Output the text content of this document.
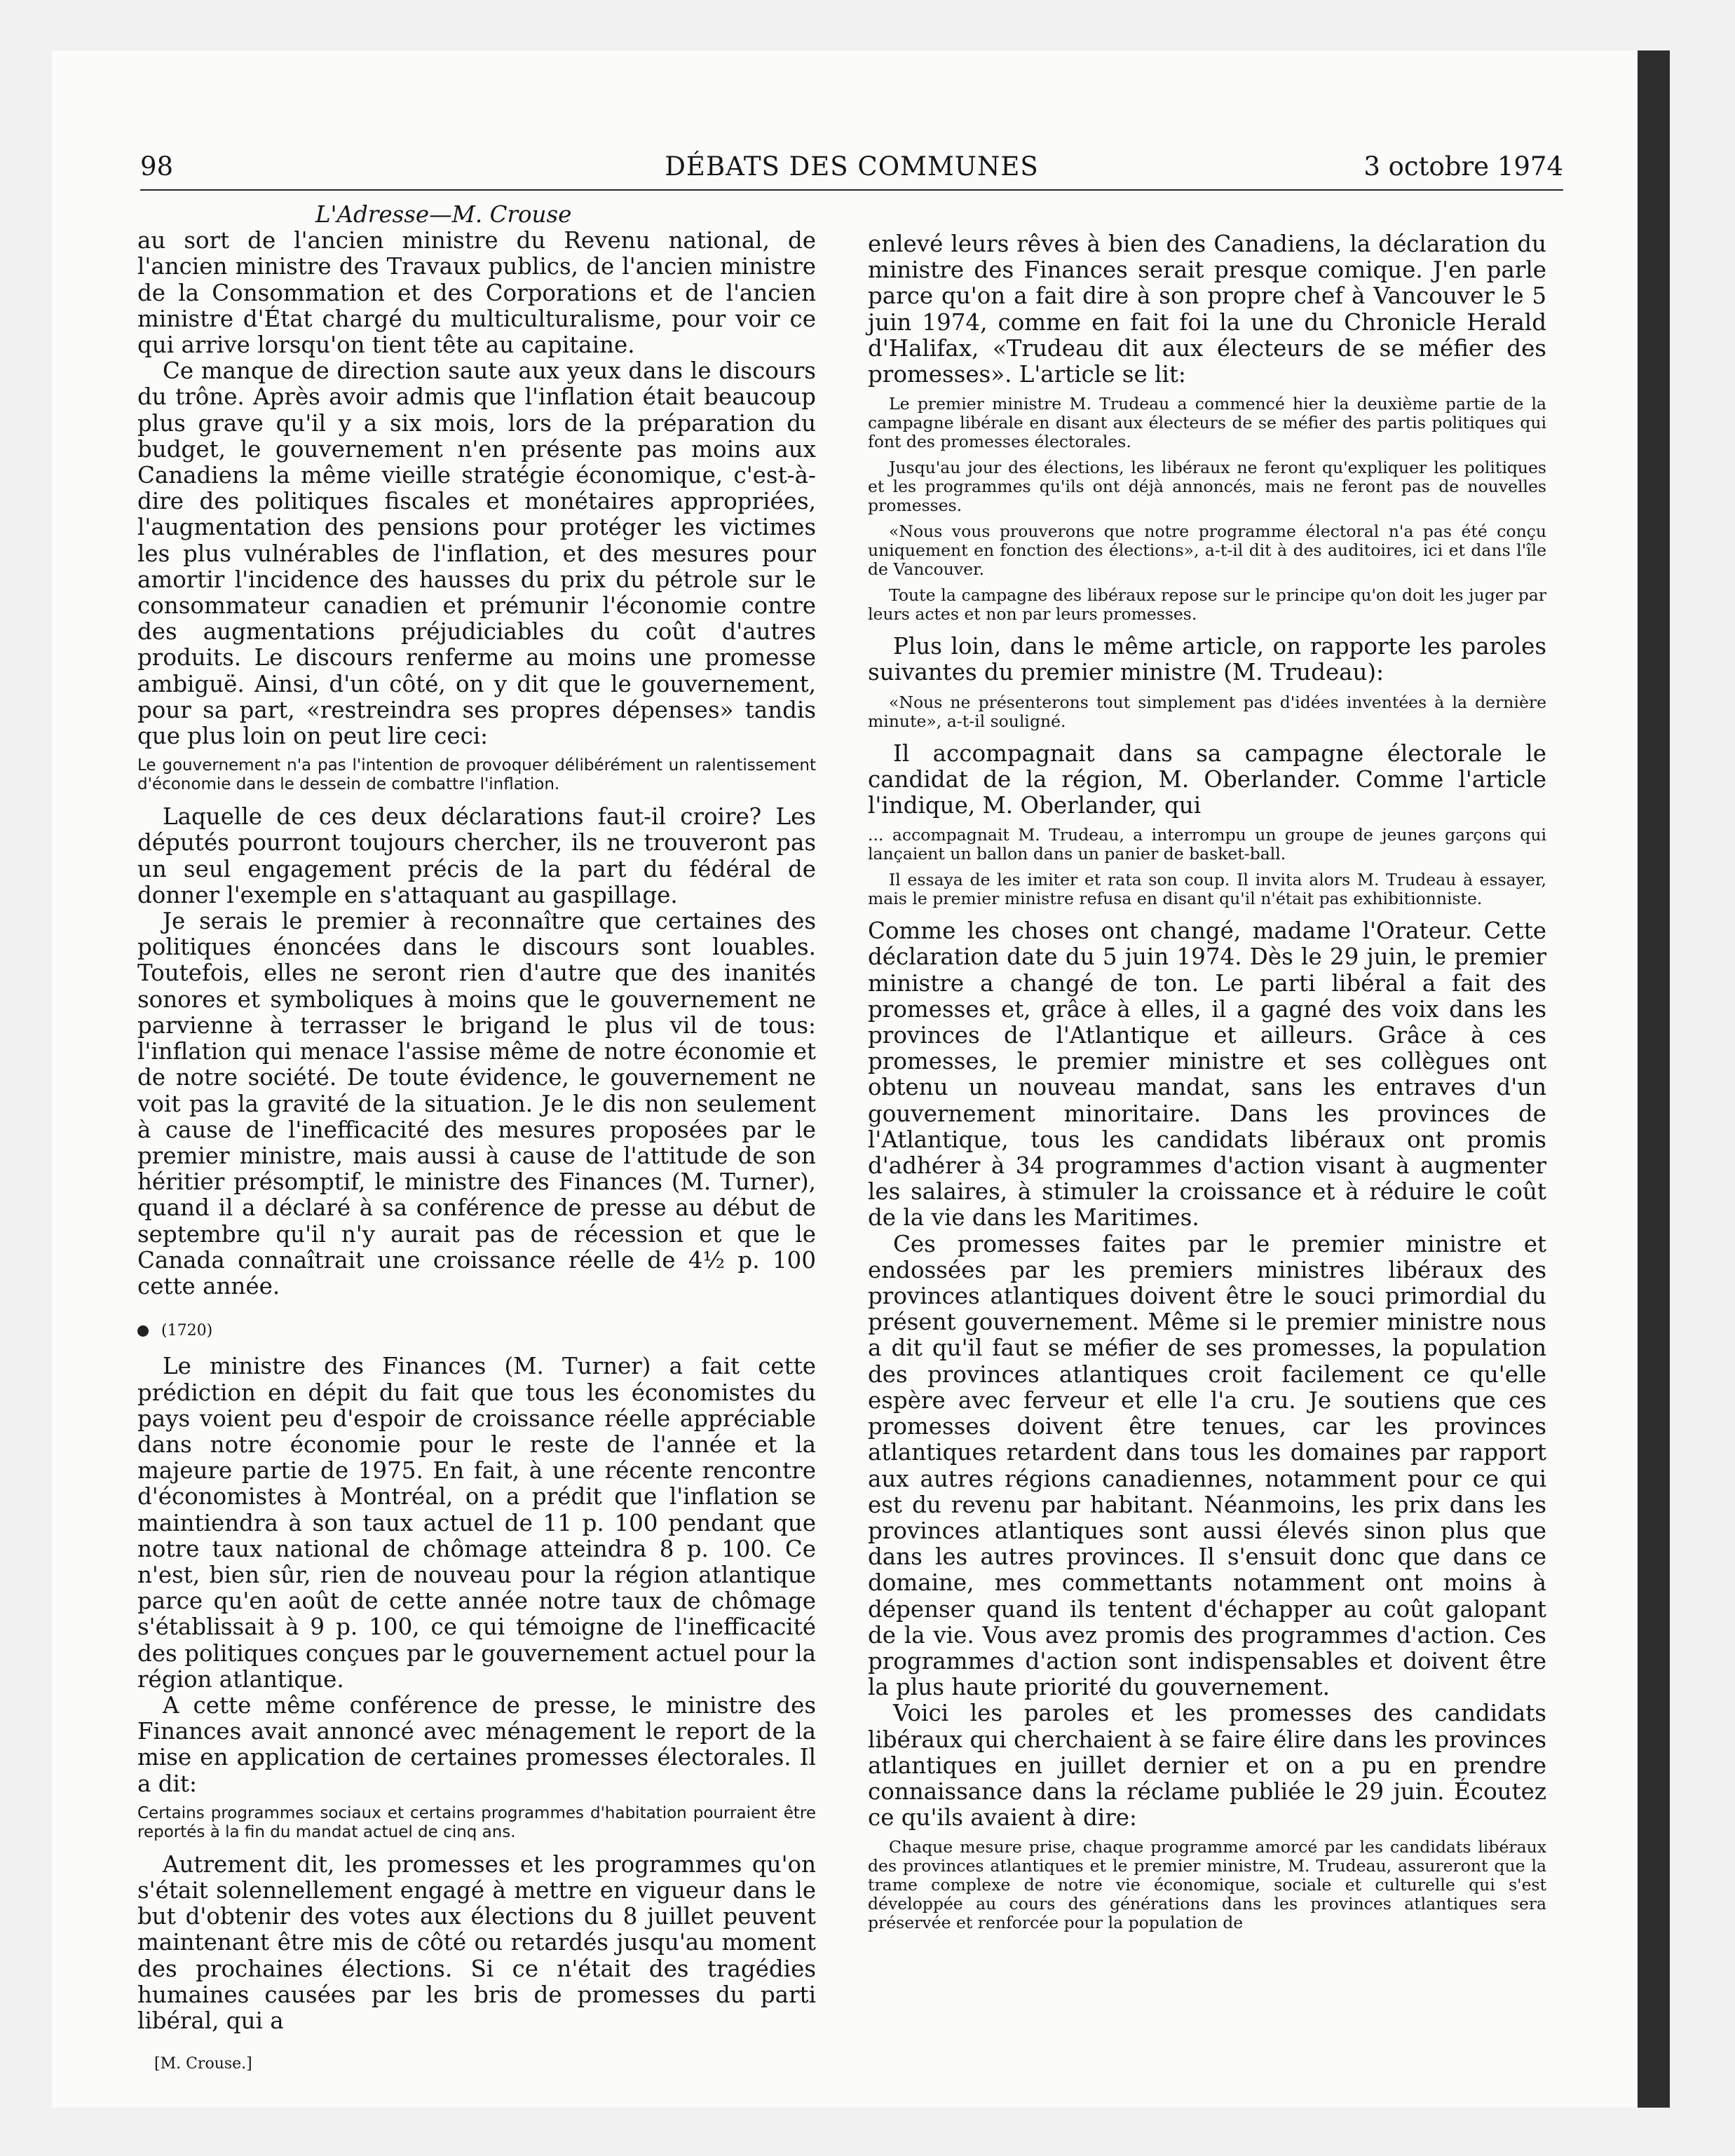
98	DÉBATS DES COMMUNES	3 octobre 1974

L'Adresse—M. Crouse

au sort de l'ancien ministre du Revenu national, de l'ancien ministre des Travaux publics, de l'ancien ministre de la Consommation et des Corporations et de l'ancien ministre d'État chargé du multiculturalisme, pour voir ce qui arrive lorsqu'on tient tête au capitaine.

Ce manque de direction saute aux yeux dans le discours du trône. Après avoir admis que l'inflation était beaucoup plus grave qu'il y a six mois, lors de la préparation du budget, le gouvernement n'en présente pas moins aux Canadiens la même vieille stratégie économique, c'est-à-dire des politiques fiscales et monétaires appropriées, l'augmentation des pensions pour protéger les victimes les plus vulnérables de l'inflation, et des mesures pour amortir l'incidence des hausses du prix du pétrole sur le consommateur canadien et prémunir l'économie contre des augmentations préjudiciables du coût d'autres produits. Le discours renferme au moins une promesse ambiguë. Ainsi, d'un côté, on y dit que le gouvernement, pour sa part, «restreindra ses propres dépenses» tandis que plus loin on peut lire ceci:

Le gouvernement n'a pas l'intention de provoquer délibérément un ralentissement d'économie dans le dessein de combattre l'inflation.

Laquelle de ces deux déclarations faut-il croire? Les députés pourront toujours chercher, ils ne trouveront pas un seul engagement précis de la part du fédéral de donner l'exemple en s'attaquant au gaspillage.

Je serais le premier à reconnaître que certaines des politiques énoncées dans le discours sont louables. Toutefois, elles ne seront rien d'autre que des inanités sonores et symboliques à moins que le gouvernement ne parvienne à terrasser le brigand le plus vil de tous: l'inflation qui menace l'assise même de notre économie et de notre société. De toute évidence, le gouvernement ne voit pas la gravité de la situation. Je le dis non seulement à cause de l'inefficacité des mesures proposées par le premier ministre, mais aussi à cause de l'attitude de son héritier présomptif, le ministre des Finances (M. Turner), quand il a déclaré à sa conférence de presse au début de septembre qu'il n'y aurait pas de récession et que le Canada connaîtrait une croissance réelle de 4½ p. 100 cette année.

(1720)

Le ministre des Finances (M. Turner) a fait cette prédiction en dépit du fait que tous les économistes du pays voient peu d'espoir de croissance réelle appréciable dans notre économie pour le reste de l'année et la majeure partie de 1975. En fait, à une récente rencontre d'économistes à Montréal, on a prédit que l'inflation se maintiendra à son taux actuel de 11 p. 100 pendant que notre taux national de chômage atteindra 8 p. 100. Ce n'est, bien sûr, rien de nouveau pour la région atlantique parce qu'en août de cette année notre taux de chômage s'établissait à 9 p. 100, ce qui témoigne de l'inefficacité des politiques conçues par le gouvernement actuel pour la région atlantique.

A cette même conférence de presse, le ministre des Finances avait annoncé avec ménagement le report de la mise en application de certaines promesses électorales. Il a dit:

Certains programmes sociaux et certains programmes d'habitation pourraient être reportés à la fin du mandat actuel de cinq ans.

Autrement dit, les promesses et les programmes qu'on s'était solennellement engagé à mettre en vigueur dans le but d'obtenir des votes aux élections du 8 juillet peuvent maintenant être mis de côté ou retardés jusqu'au moment des prochaines élections. Si ce n'était des tragédies humaines causées par les bris de promesses du parti libéral, qui a

[M. Crouse.]

enlevé leurs rêves à bien des Canadiens, la déclaration du ministre des Finances serait presque comique. J'en parle parce qu'on a fait dire à son propre chef à Vancouver le 5 juin 1974, comme en fait foi la une du Chronicle Herald d'Halifax, «Trudeau dit aux électeurs de se méfier des promesses». L'article se lit:

Le premier ministre M. Trudeau a commencé hier la deuxième partie de la campagne libérale en disant aux électeurs de se méfier des partis politiques qui font des promesses électorales.

Jusqu'au jour des élections, les libéraux ne feront qu'expliquer les politiques et les programmes qu'ils ont déjà annoncés, mais ne feront pas de nouvelles promesses.

«Nous vous prouverons que notre programme électoral n'a pas été conçu uniquement en fonction des élections», a-t-il dit à des auditoires, ici et dans l'île de Vancouver.

Toute la campagne des libéraux repose sur le principe qu'on doit les juger par leurs actes et non par leurs promesses.

Plus loin, dans le même article, on rapporte les paroles suivantes du premier ministre (M. Trudeau):

«Nous ne présenterons tout simplement pas d'idées inventées à la dernière minute», a-t-il souligné.

Il accompagnait dans sa campagne électorale le candidat de la région, M. Oberlander. Comme l'article l'indique, M. Oberlander, qui

... accompagnait M. Trudeau, a interrompu un groupe de jeunes garçons qui lançaient un ballon dans un panier de basket-ball.

Il essaya de les imiter et rata son coup. Il invita alors M. Trudeau à essayer, mais le premier ministre refusa en disant qu'il n'était pas exhibitionniste.

Comme les choses ont changé, madame l'Orateur. Cette déclaration date du 5 juin 1974. Dès le 29 juin, le premier ministre a changé de ton. Le parti libéral a fait des promesses et, grâce à elles, il a gagné des voix dans les provinces de l'Atlantique et ailleurs. Grâce à ces promesses, le premier ministre et ses collègues ont obtenu un nouveau mandat, sans les entraves d'un gouvernement minoritaire. Dans les provinces de l'Atlantique, tous les candidats libéraux ont promis d'adhérer à 34 programmes d'action visant à augmenter les salaires, à stimuler la croissance et à réduire le coût de la vie dans les Maritimes.

Ces promesses faites par le premier ministre et endossées par les premiers ministres libéraux des provinces atlantiques doivent être le souci primordial du présent gouvernement. Même si le premier ministre nous a dit qu'il faut se méfier de ses promesses, la population des provinces atlantiques croit facilement ce qu'elle espère avec ferveur et elle l'a cru. Je soutiens que ces promesses doivent être tenues, car les provinces atlantiques retardent dans tous les domaines par rapport aux autres régions canadiennes, notamment pour ce qui est du revenu par habitant. Néanmoins, les prix dans les provinces atlantiques sont aussi élevés sinon plus que dans les autres provinces. Il s'ensuit donc que dans ce domaine, mes commettants notamment ont moins à dépenser quand ils tentent d'échapper au coût galopant de la vie. Vous avez promis des programmes d'action. Ces programmes d'action sont indispensables et doivent être la plus haute priorité du gouvernement.

Voici les paroles et les promesses des candidats libéraux qui cherchaient à se faire élire dans les provinces atlantiques en juillet dernier et on a pu en prendre connaissance dans la réclame publiée le 29 juin. Écoutez ce qu'ils avaient à dire:

Chaque mesure prise, chaque programme amorcé par les candidats libéraux des provinces atlantiques et le premier ministre, M. Trudeau, assureront que la trame complexe de notre vie économique, sociale et culturelle qui s'est développée au cours des générations dans les provinces atlantiques sera préservée et renforcée pour la population de
